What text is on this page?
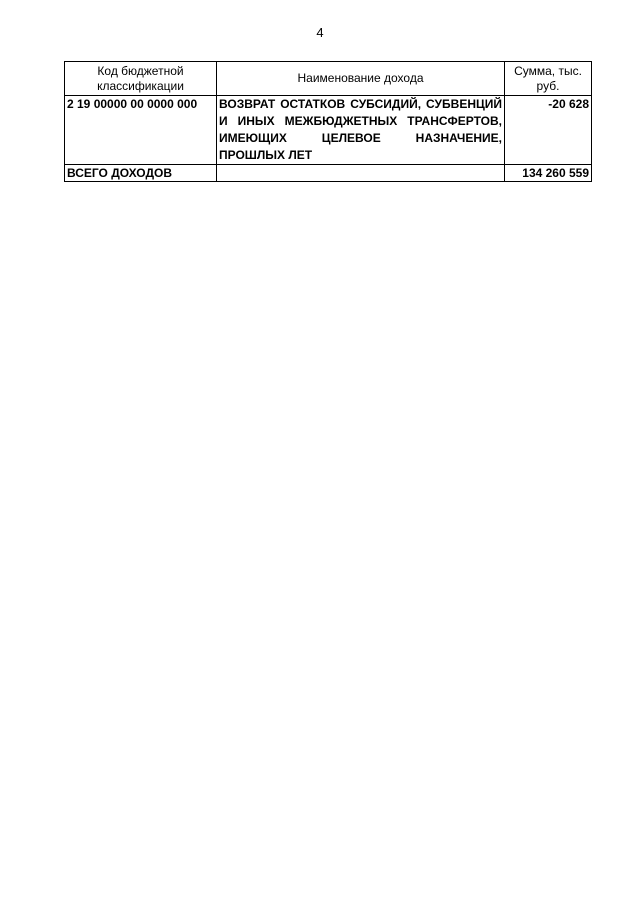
4
Код бюджетной классификации	Наименование дохода	Сумма, тыс. руб.
2 19 00000 00 0000 000	ВОЗВРАТ ОСТАТКОВ СУБСИДИЙ, СУБВЕНЦИЙ И ИНЫХ МЕЖБЮДЖЕТНЫХ ТРАНСФЕРТОВ, ИМЕЮЩИХ ЦЕЛЕВОЕ НАЗНАЧЕНИЕ, ПРОШЛЫХ ЛЕТ	-20 628
ВСЕГО ДОХОДОВ		134 260 559
